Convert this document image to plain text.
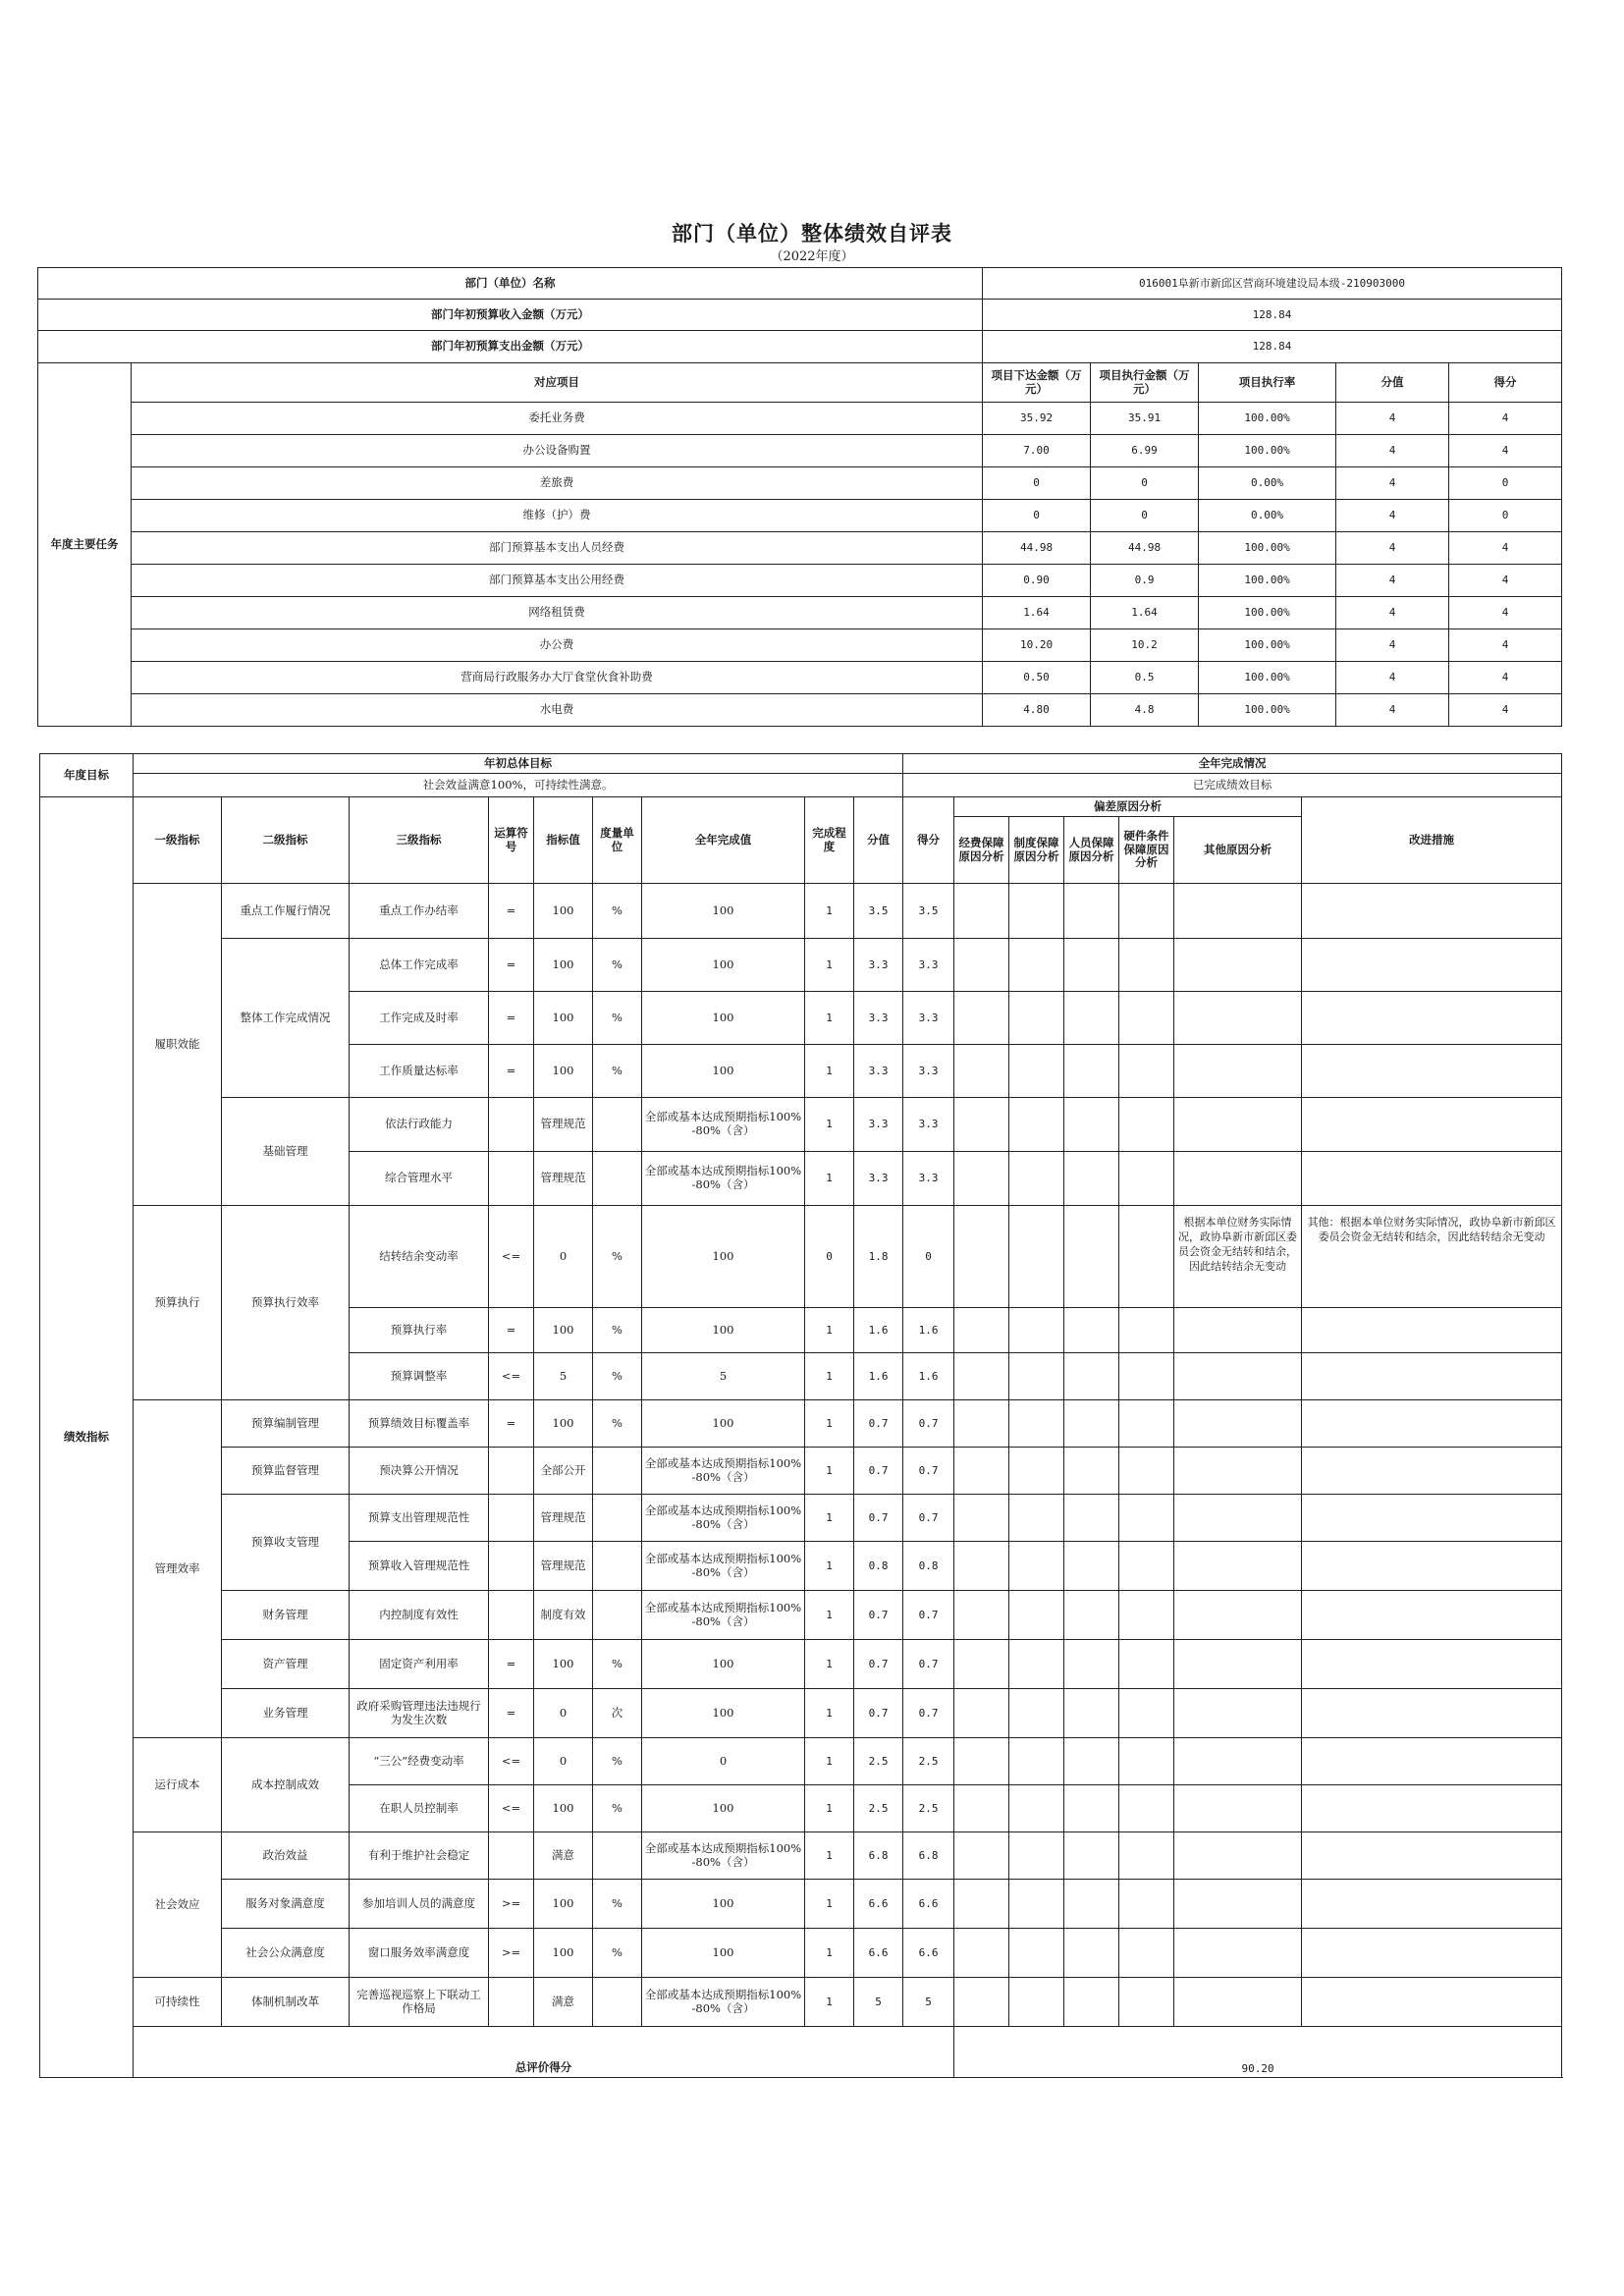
部门（单位）整体绩效自评表
（2022年度）
部门（单位）名称		016001阜新市新邱区营商环境建设局本级-210903000				
部门年初预算收入金额（万元）		128.84				
部门年初预算支出金额（万元）		128.84				
年度主要任务	对应项目	项目下达金额（万元）	项目执行金额（万元）	项目执行率	分值	得分
	委托业务费	35.92	35.91	100.00%	4	4
	办公设备购置	7.00	6.99	100.00%	4	4
	差旅费	0	0	0.00%	4	0
	维修（护）费	0	0	0.00%	4	0
	部门预算基本支出人员经费	44.98	44.98	100.00%	4	4
	部门预算基本支出公用经费	0.90	0.9	100.00%	4	4
	网络租赁费	1.64	1.64	100.00%	4	4
	办公费	10.20	10.2	100.00%	4	4
	营商局行政服务办大厅食堂伙食补助费	0.50	0.5	100.00%	4	4
	水电费	4.80	4.8	100.00%	4	4
年度目标	年初总体目标									全年完成情况						
	社会效益满意100%，可持续性满意。									已完成绩效目标						
绩效指标	一级指标	二级指标	三级指标	运算符号	指标值	度量单位	全年完成值	完成程度	分值	得分	偏差原因分析					改进措施
											经费保障原因分析	制度保障原因分析	人员保障原因分析	硬件条件保障原因分析	其他原因分析	
	履职效能	重点工作履行情况	重点工作办结率	=	100	%	100	1	3.5	3.5						
		整体工作完成情况	总体工作完成率	=	100	%	100	1	3.3	3.3						
			工作完成及时率	=	100	%	100	1	3.3	3.3						
			工作质量达标率	=	100	%	100	1	3.3	3.3						
		基础管理	依法行政能力		管理规范		全部或基本达成预期指标100%-80%（含）	1	3.3	3.3						
			综合管理水平		管理规范		全部或基本达成预期指标100%-80%（含）	1	3.3	3.3						
	预算执行	预算执行效率	结转结余变动率	<=	0	%	100	0	1.8	0					根据本单位财务实际情况，政协阜新市新邱区委员会资金无结转和结余，因此结转结余无变动	其他：根据本单位财务实际情况，政协阜新市新邱区委员会资金无结转和结余，因此结转结余无变动
			预算执行率	=	100	%	100	1	1.6	1.6						
			预算调整率	<=	5	%	5	1	1.6	1.6						
	管理效率	预算编制管理	预算绩效目标覆盖率	=	100	%	100	1	0.7	0.7						
		预算监督管理	预决算公开情况		全部公开		全部或基本达成预期指标100%-80%（含）	1	0.7	0.7						
		预算收支管理	预算支出管理规范性		管理规范		全部或基本达成预期指标100%-80%（含）	1	0.7	0.7						
			预算收入管理规范性		管理规范		全部或基本达成预期指标100%-80%（含）	1	0.8	0.8						
		财务管理	内控制度有效性		制度有效		全部或基本达成预期指标100%-80%（含）	1	0.7	0.7						
		资产管理	固定资产利用率	=	100	%	100	1	0.7	0.7						
		业务管理	政府采购管理违法违规行为发生次数	=	0	次	100	1	0.7	0.7						
	运行成本	成本控制成效	“三公”经费变动率	<=	0	%	0	1	2.5	2.5						
			在职人员控制率	<=	100	%	100	1	2.5	2.5						
	社会效应	政治效益	有利于维护社会稳定		满意		全部或基本达成预期指标100%-80%（含）	1	6.8	6.8						
		服务对象满意度	参加培训人员的满意度	>=	100	%	100	1	6.6	6.6						
		社会公众满意度	窗口服务效率满意度	>=	100	%	100	1	6.6	6.6						
	可持续性	体制机制改革	完善巡视巡察上下联动工作格局		满意		全部或基本达成预期指标100%-80%（含）	1	5	5						
	总评价得分										90.20					
